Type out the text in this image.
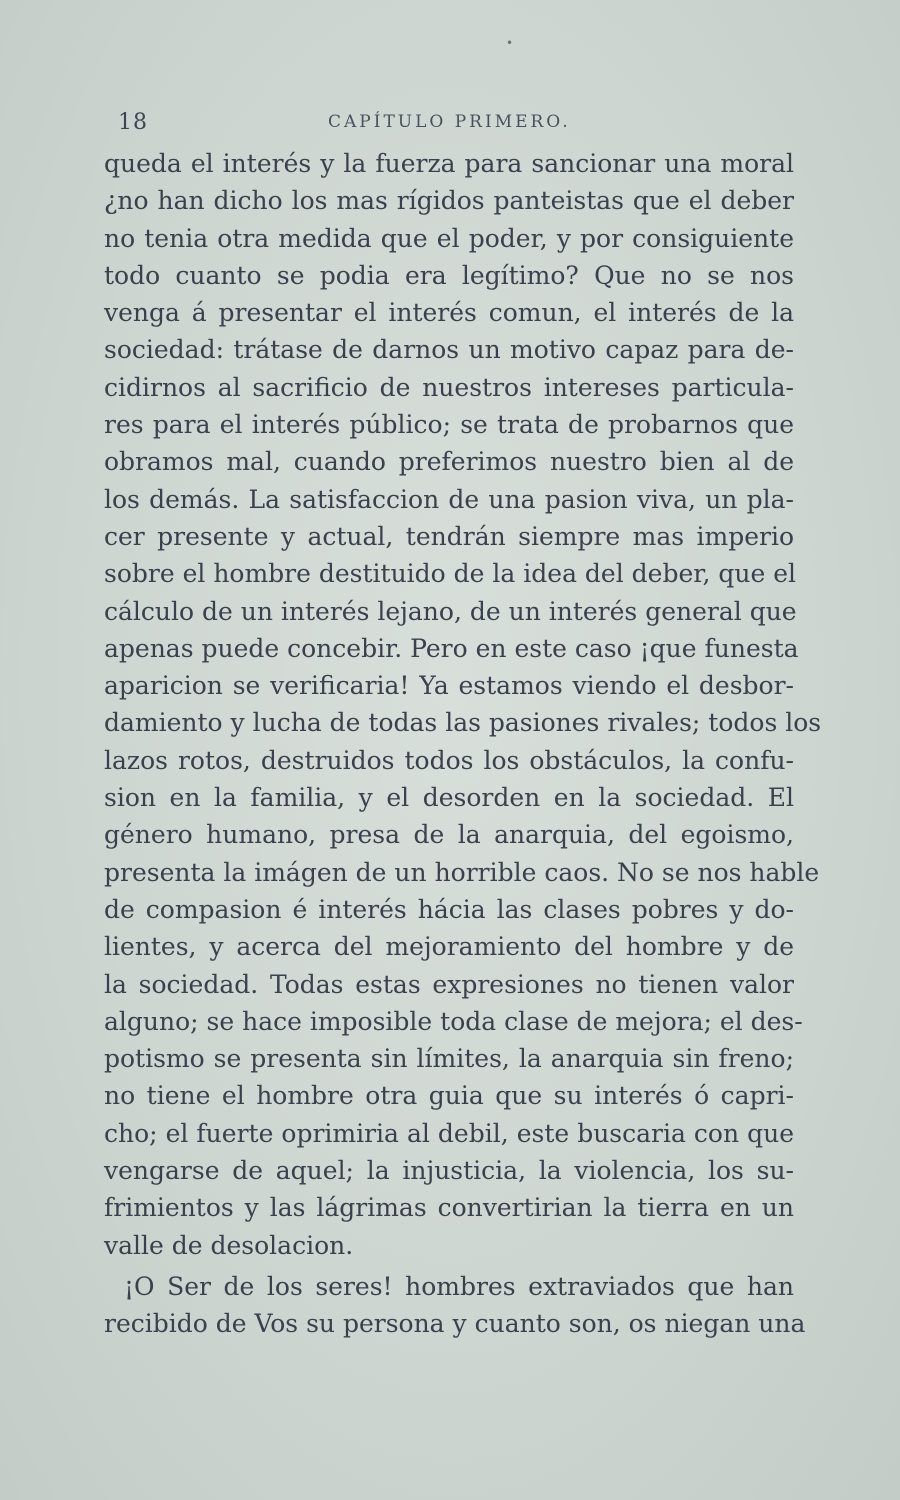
•
18	CAPÍTULO PRIMERO.
queda el interés y la fuerza para sancionar una moral
¿no han dicho los mas rígidos panteistas que el deber
no tenia otra medida que el poder, y por consiguiente
todo cuanto se podia era legítimo? Que no se nos
venga á presentar el interés comun, el interés de la
sociedad: trátase de darnos un motivo capaz para de-
cidirnos al sacrificio de nuestros intereses particula-
res para el interés público; se trata de probarnos que
obramos mal, cuando preferimos nuestro bien al de
los demás. La satisfaccion de una pasion viva, un pla-
cer presente y actual, tendrán siempre mas imperio
sobre el hombre destituido de la idea del deber, que el
cálculo de un interés lejano, de un interés general que
apenas puede concebir. Pero en este caso ¡que funesta
aparicion se verificaria! Ya estamos viendo el desbor-
damiento y lucha de todas las pasiones rivales; todos los
lazos rotos, destruidos todos los obstáculos, la confu-
sion en la familia, y el desorden en la sociedad. El
género humano, presa de la anarquia, del egoismo,
presenta la imágen de un horrible caos. No se nos hable
de compasion é interés hácia las clases pobres y do-
lientes, y acerca del mejoramiento del hombre y de
la sociedad. Todas estas expresiones no tienen valor
alguno; se hace imposible toda clase de mejora; el des-
potismo se presenta sin límites, la anarquia sin freno;
no tiene el hombre otra guia que su interés ó capri-
cho; el fuerte oprimiria al debil, este buscaria con que
vengarse de aquel; la injusticia, la violencia, los su-
frimientos y las lágrimas convertirian la tierra en un
valle de desolacion.
¡O Ser de los seres! hombres extraviados que han
recibido de Vos su persona y cuanto son, os niegan una
